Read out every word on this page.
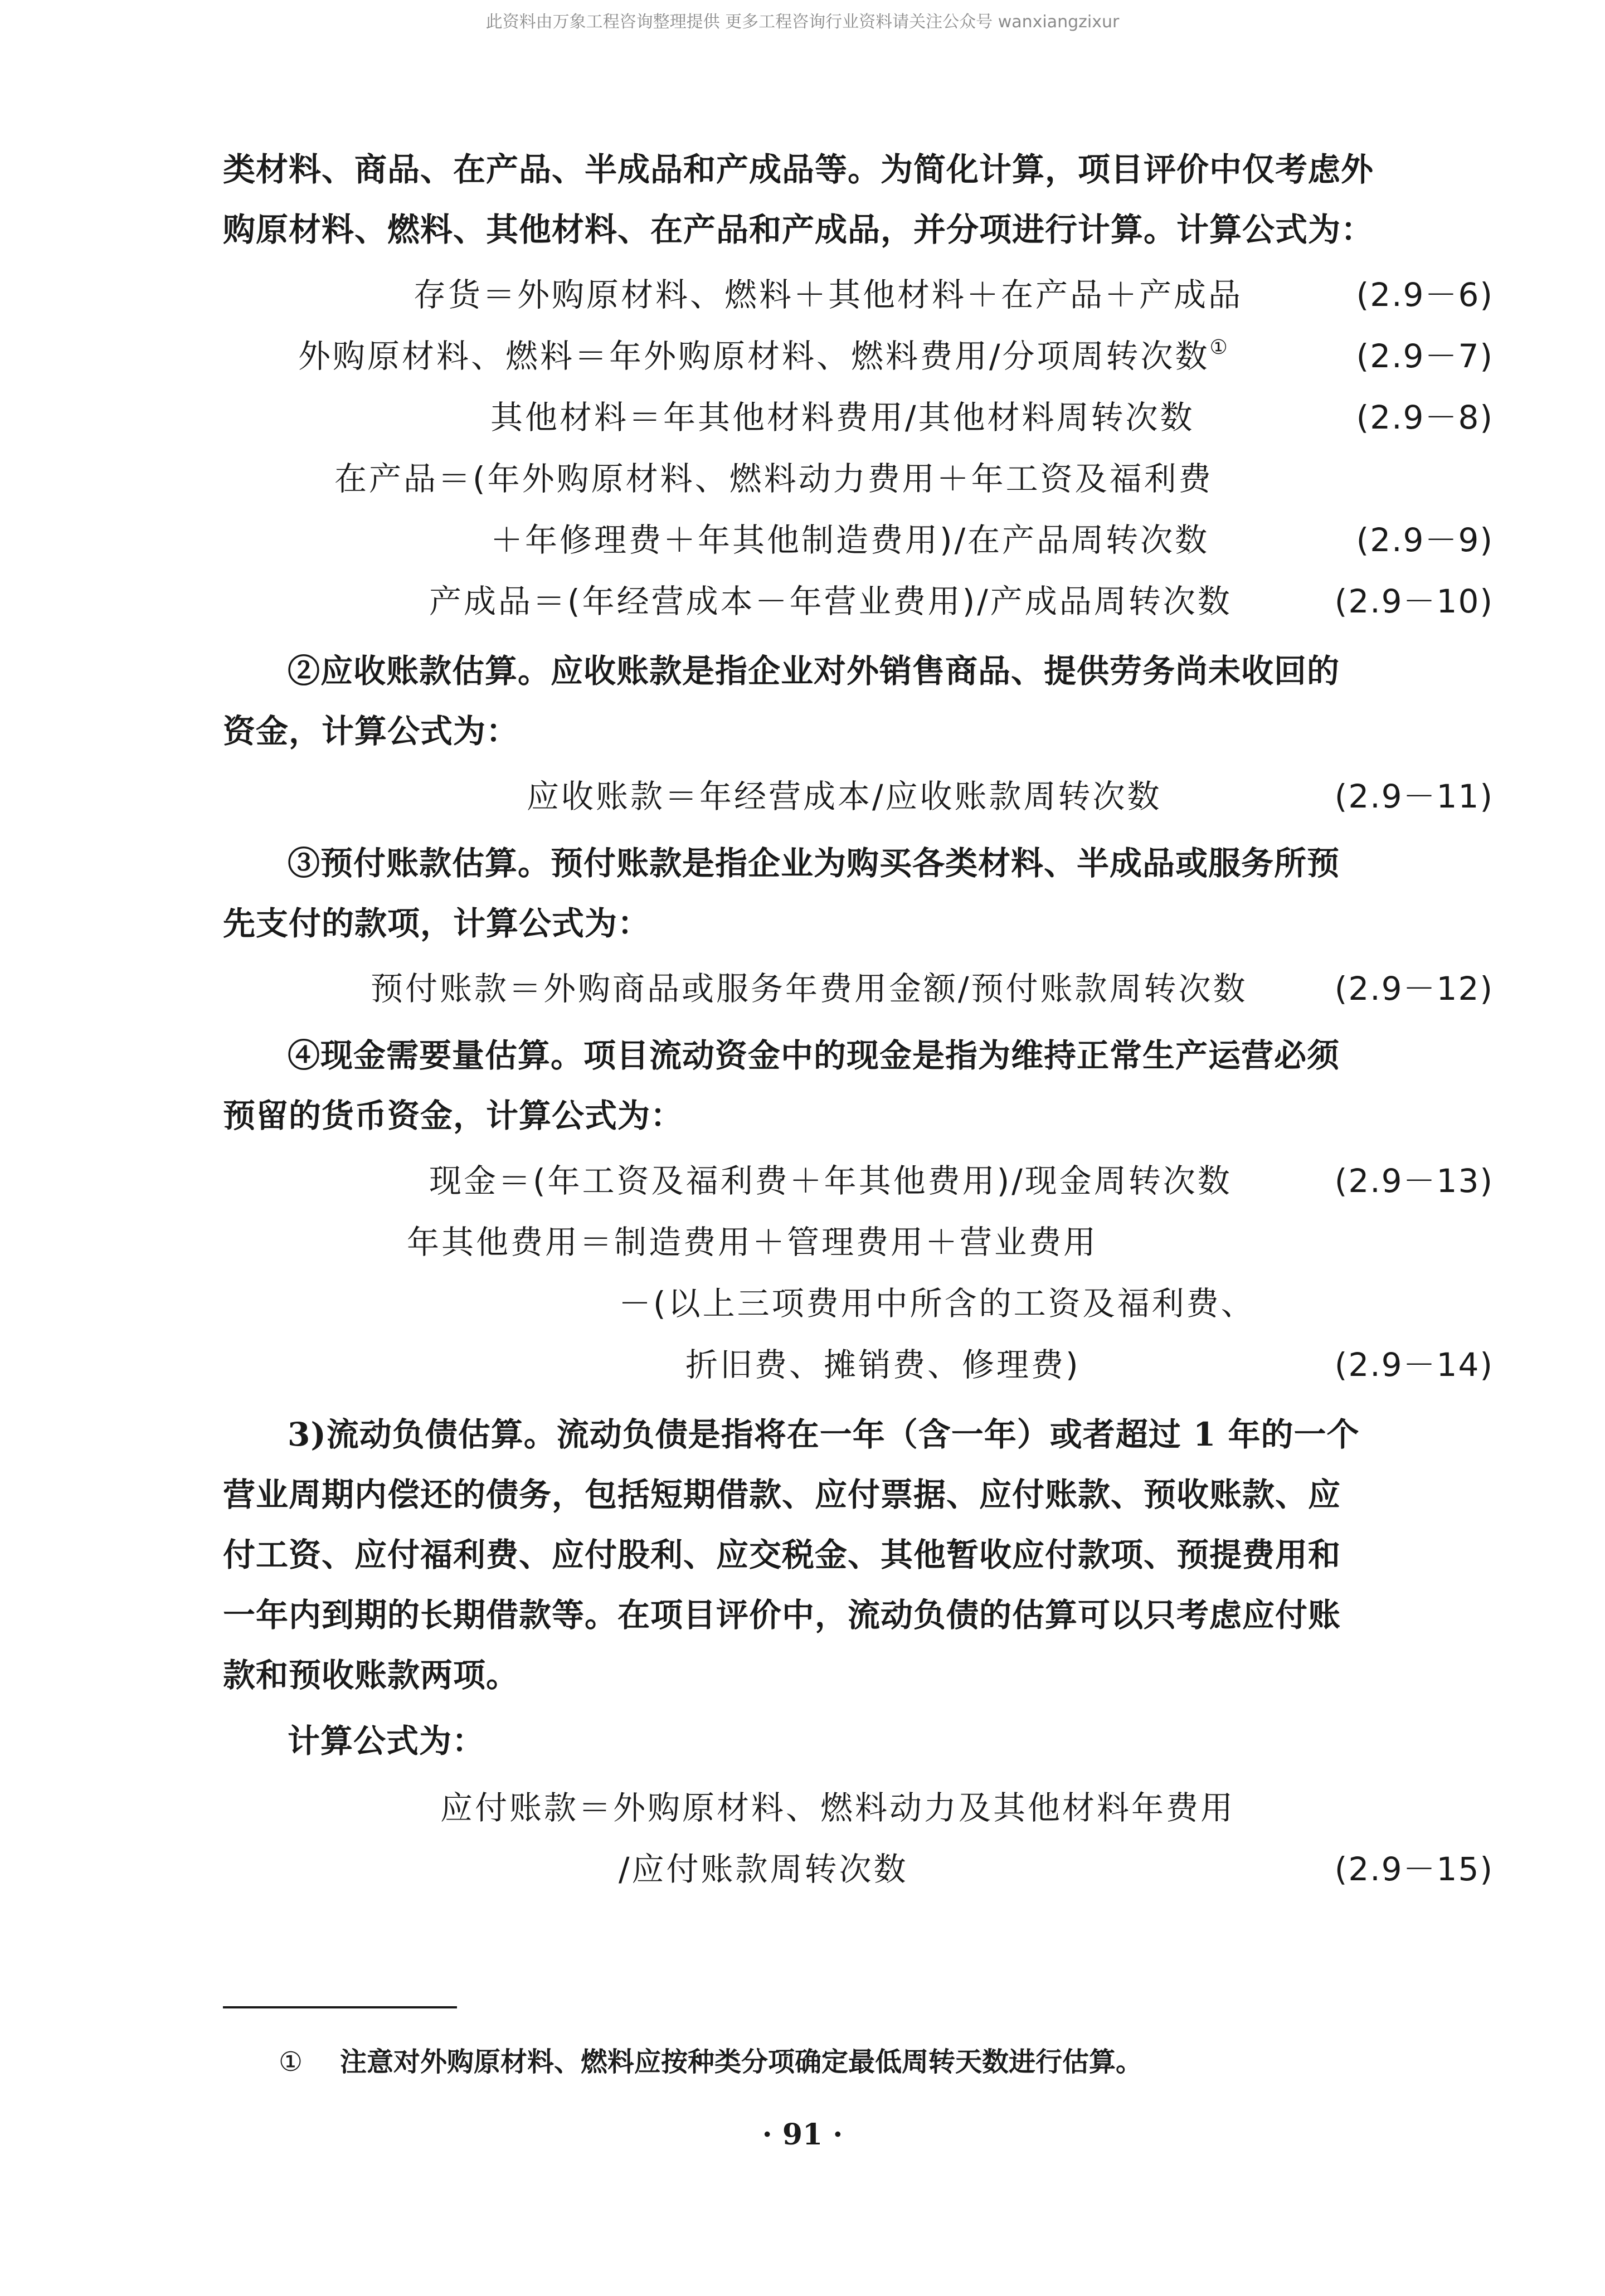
此资料由万象工程咨询整理提供 更多工程咨询行业资料请关注公众号 wanxiangzixur

类材料、商品、在产品、半成品和产成品等。为简化计算，项目评价中仅考虑外

购原材料、燃料、其他材料、在产品和产成品，并分项进行计算。计算公式为：

存货＝外购原材料、燃料＋其他材料＋在产品＋产成品	(2.9－6)
外购原材料、燃料＝年外购原材料、燃料费用/分项周转次数①	(2.9－7)
其他材料＝年其他材料费用/其他材料周转次数	(2.9－8)
在产品＝(年外购原材料、燃料动力费用＋年工资及福利费
＋年修理费＋年其他制造费用)/在产品周转次数	(2.9－9)
产成品＝(年经营成本－年营业费用)/产成品周转次数	(2.9－10)

②应收账款估算。应收账款是指企业对外销售商品、提供劳务尚未收回的

资金，计算公式为：

应收账款＝年经营成本/应收账款周转次数	(2.9－11)

③预付账款估算。预付账款是指企业为购买各类材料、半成品或服务所预

先支付的款项，计算公式为：

预付账款＝外购商品或服务年费用金额/预付账款周转次数	(2.9－12)

④现金需要量估算。项目流动资金中的现金是指为维持正常生产运营必须

预留的货币资金，计算公式为：

现金＝(年工资及福利费＋年其他费用)/现金周转次数	(2.9－13)
年其他费用＝制造费用＋管理费用＋营业费用
－(以上三项费用中所含的工资及福利费、
折旧费、摊销费、修理费)	(2.9－14)

3)流动负债估算。流动负债是指将在一年（含一年）或者超过 1 年的一个

营业周期内偿还的债务，包括短期借款、应付票据、应付账款、预收账款、应

付工资、应付福利费、应付股利、应交税金、其他暂收应付款项、预提费用和

一年内到期的长期借款等。在项目评价中，流动负债的估算可以只考虑应付账

款和预收账款两项。

计算公式为：

应付账款＝外购原材料、燃料动力及其他材料年费用
/应付账款周转次数	(2.9－15)
① 注意对外购原材料、燃料应按种类分项确定最低周转天数进行估算。
· 91 ·
